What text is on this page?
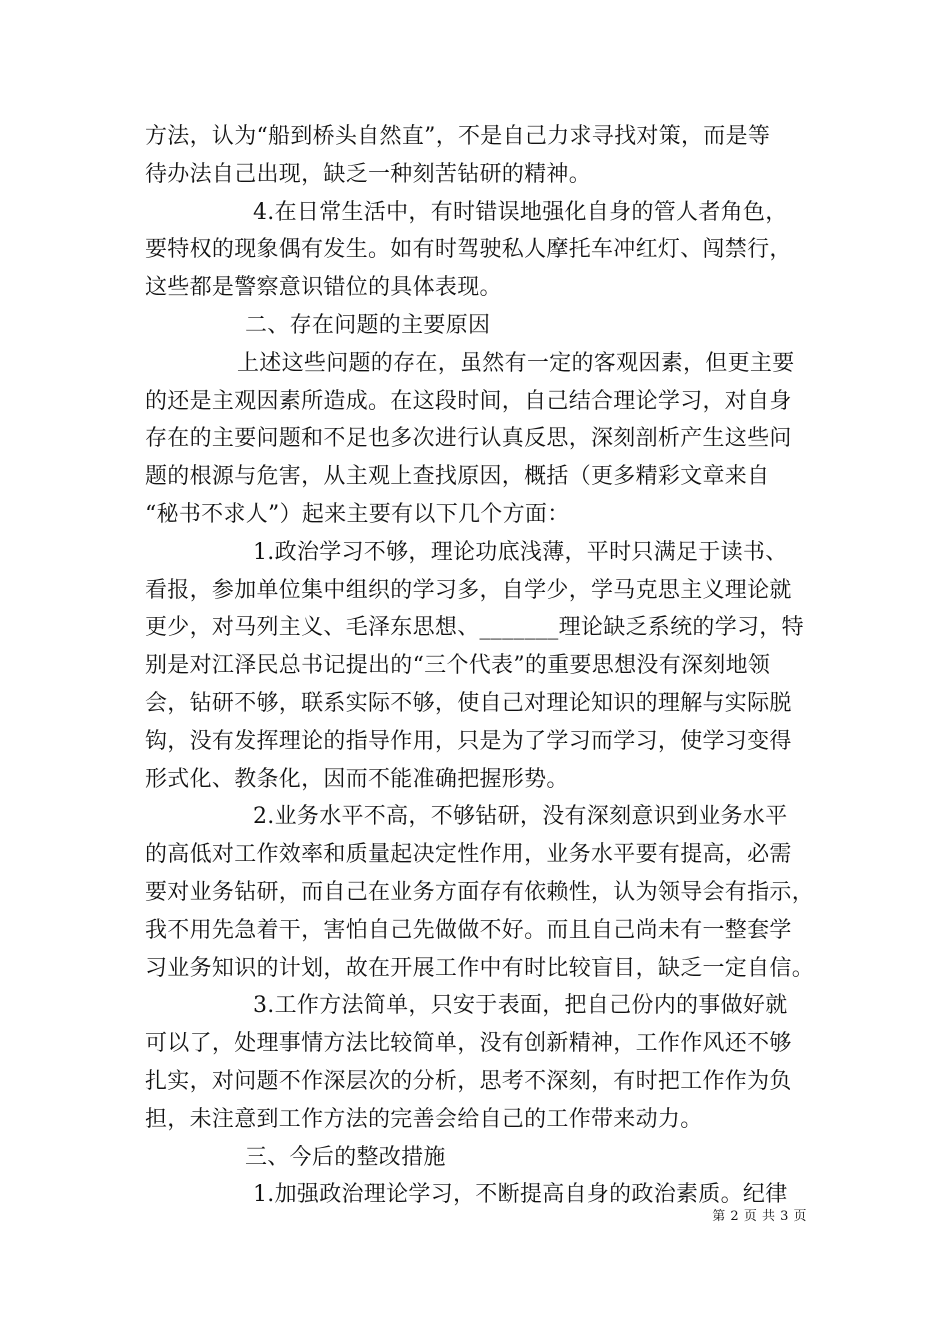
方法，认为“船到桥头自然直”，不是自己力求寻找对策，而是等
待办法自己出现，缺乏一种刻苦钻研的精神。
4.在日常生活中，有时错误地强化自身的管人者角色，
要特权的现象偶有发生。如有时驾驶私人摩托车冲红灯、闯禁行，
这些都是警察意识错位的具体表现。
二、存在问题的主要原因
上述这些问题的存在，虽然有一定的客观因素，但更主要
的还是主观因素所造成。在这段时间，自己结合理论学习，对自身
存在的主要问题和不足也多次进行认真反思，深刻剖析产生这些问
题的根源与危害，从主观上查找原因，概括（更多精彩文章来自
“秘书不求人”）起来主要有以下几个方面：
1.政治学习不够，理论功底浅薄，平时只满足于读书、
看报，参加单位集中组织的学习多，自学少，学马克思主义理论就
更少，对马列主义、毛泽东思想、_______理论缺乏系统的学习，特
别是对江泽民总书记提出的“三个代表”的重要思想没有深刻地领
会，钻研不够，联系实际不够，使自己对理论知识的理解与实际脱
钩，没有发挥理论的指导作用，只是为了学习而学习，使学习变得
形式化、教条化，因而不能准确把握形势。
2.业务水平不高，不够钻研，没有深刻意识到业务水平
的高低对工作效率和质量起决定性作用，业务水平要有提高，必需
要对业务钻研，而自己在业务方面存有依赖性，认为领导会有指示，
我不用先急着干，害怕自己先做做不好。而且自己尚未有一整套学
习业务知识的计划，故在开展工作中有时比较盲目，缺乏一定自信。
3.工作方法简单，只安于表面，把自己份内的事做好就
可以了，处理事情方法比较简单，没有创新精神，工作作风还不够
扎实，对问题不作深层次的分析，思考不深刻，有时把工作作为负
担，未注意到工作方法的完善会给自己的工作带来动力。
三、今后的整改措施
1.加强政治理论学习，不断提高自身的政治素质。纪律
第 2 页 共 3 页
